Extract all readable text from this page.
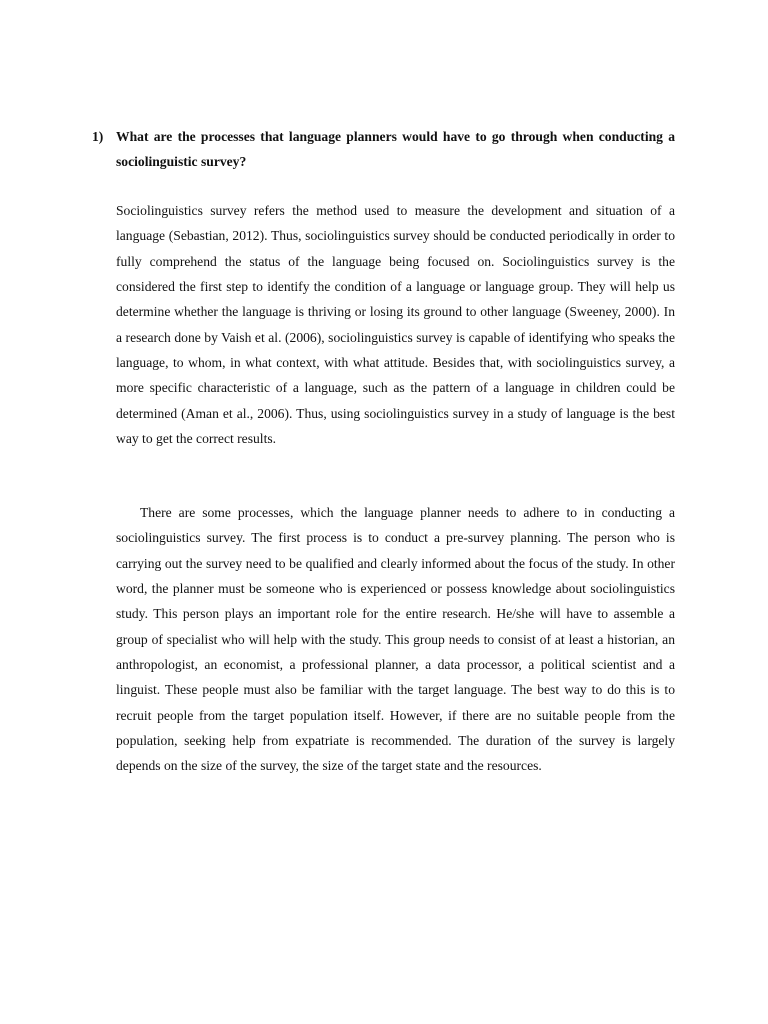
1) What are the processes that language planners would have to go through when conducting a sociolinguistic survey?

Sociolinguistics survey refers the method used to measure the development and situation of a language (Sebastian, 2012). Thus, sociolinguistics survey should be conducted periodically in order to fully comprehend the status of the language being focused on. Sociolinguistics survey is the considered the first step to identify the condition of a language or language group. They will help us determine whether the language is thriving or losing its ground to other language (Sweeney, 2000). In a research done by Vaish et al. (2006), sociolinguistics survey is capable of identifying who speaks the language, to whom, in what context, with what attitude. Besides that, with sociolinguistics survey, a more specific characteristic of a language, such as the pattern of a language in children could be determined (Aman et al., 2006). Thus, using sociolinguistics survey in a study of language is the best way to get the correct results.

There are some processes, which the language planner needs to adhere to in conducting a sociolinguistics survey. The first process is to conduct a pre-survey planning. The person who is carrying out the survey need to be qualified and clearly informed about the focus of the study. In other word, the planner must be someone who is experienced or possess knowledge about sociolinguistics study. This person plays an important role for the entire research. He/she will have to assemble a group of specialist who will help with the study. This group needs to consist of at least a historian, an anthropologist, an economist, a professional planner, a data processor, a political scientist and a linguist. These people must also be familiar with the target language. The best way to do this is to recruit people from the target population itself. However, if there are no suitable people from the population, seeking help from expatriate is recommended. The duration of the survey is largely depends on the size of the survey, the size of the target state and the resources.
